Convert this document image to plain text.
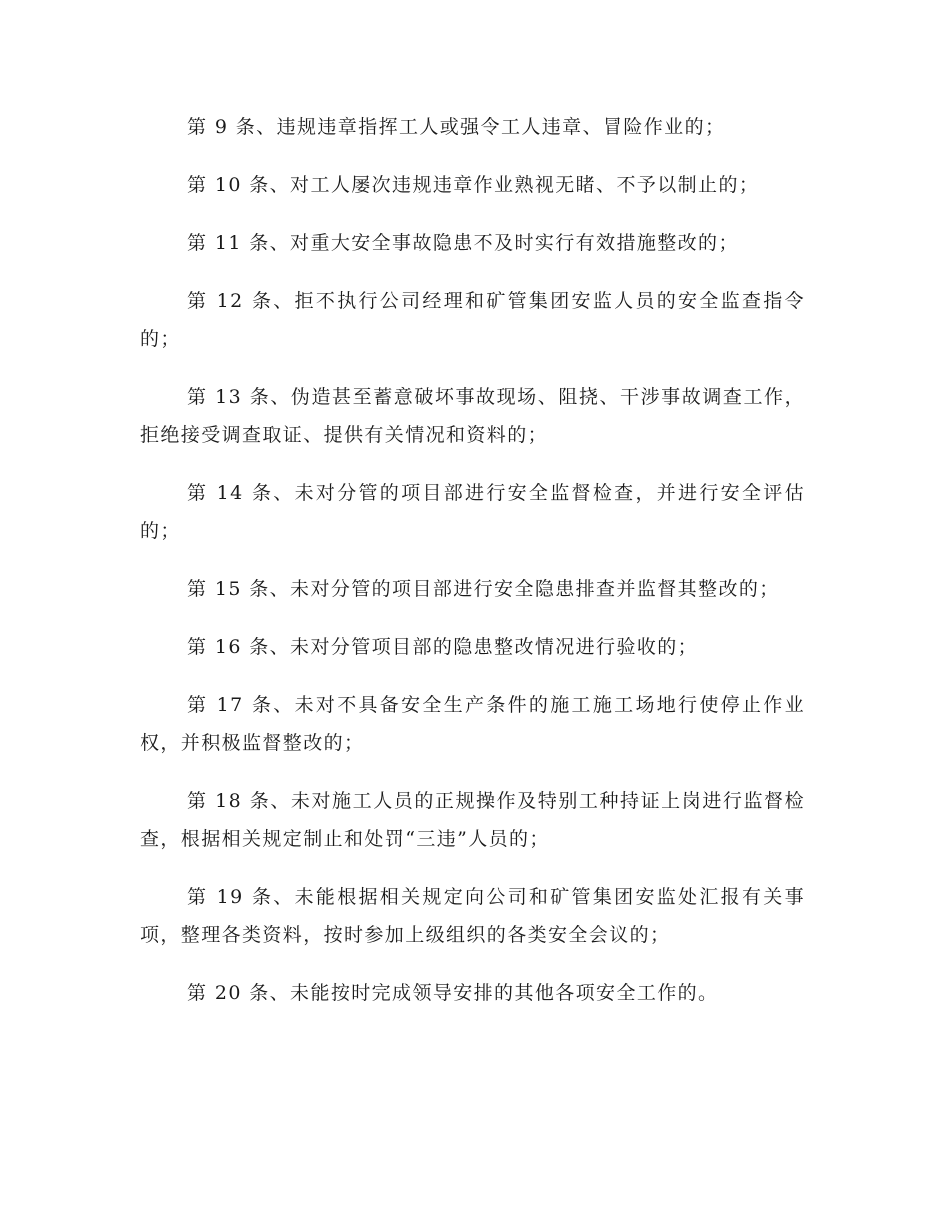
第 9 条、违规违章指挥工人或强令工人违章、冒险作业的；

第 10 条、对工人屡次违规违章作业熟视无睹、不予以制止的；

第 11 条、对重大安全事故隐患不及时实行有效措施整改的；

第 12 条、拒不执行公司经理和矿管集团安监人员的安全监查指令的；

第 13 条、伪造甚至蓄意破坏事故现场、阻挠、干涉事故调查工作，拒绝接受调查取证、提供有关情况和资料的；

第 14 条、未对分管的项目部进行安全监督检查，并进行安全评估的；

第 15 条、未对分管的项目部进行安全隐患排查并监督其整改的；

第 16 条、未对分管项目部的隐患整改情况进行验收的；

第 17 条、未对不具备安全生产条件的施工施工场地行使停止作业权，并积极监督整改的；

第 18 条、未对施工人员的正规操作及特别工种持证上岗进行监督检查，根据相关规定制止和处罚“三违”人员的；

第 19 条、未能根据相关规定向公司和矿管集团安监处汇报有关事项，整理各类资料，按时参加上级组织的各类安全会议的；

第 20 条、未能按时完成领导安排的其他各项安全工作的。
